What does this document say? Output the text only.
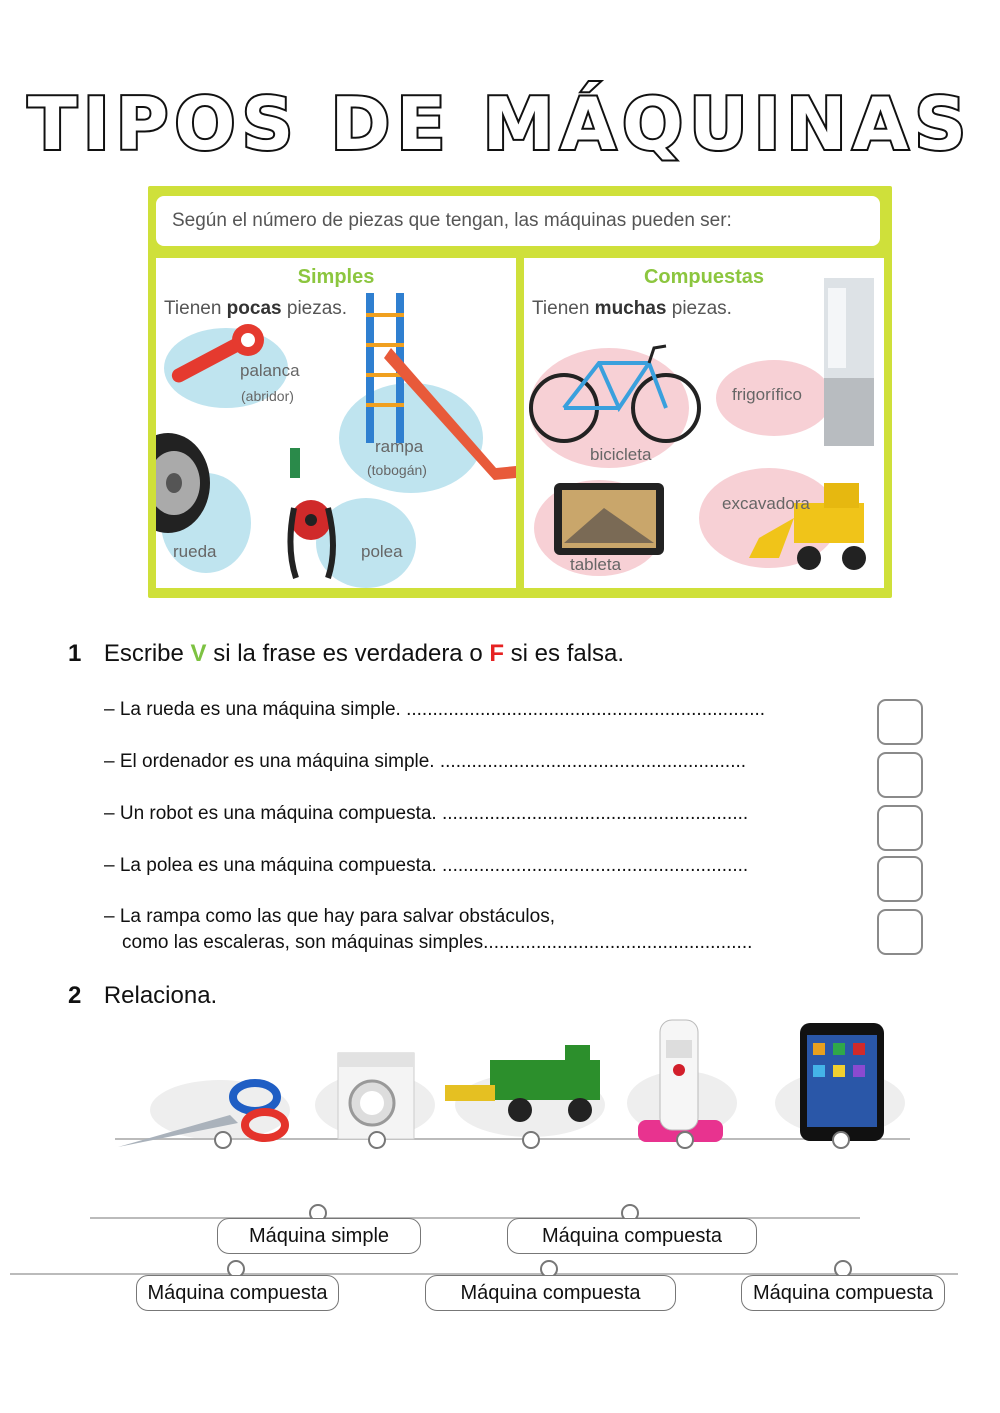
TIPOS DE MÁQUINAS
Según el número de piezas que tengan, las máquinas pueden ser:
Simples
Tienen pocas piezas.
palanca
(abridor)
rampa
(tobogán)
rueda	polea
Compuestas
Tienen muchas piezas.
bicicleta
frigorífico
tableta
excavadora
1 Escribe V si la frase es verdadera o F si es falsa.
– La rueda es una máquina simple. ....................................................................
– El ordenador es una máquina simple. ..........................................................
– Un robot es una máquina compuesta. ..........................................................
– La polea es una máquina compuesta. ..........................................................
– La rampa como las que hay para salvar obstáculos,
como las escaleras, son máquinas simples...................................................
2 Relaciona.
Máquina simple	Máquina compuesta
Máquina compuesta	Máquina compuesta	Máquina compuesta
